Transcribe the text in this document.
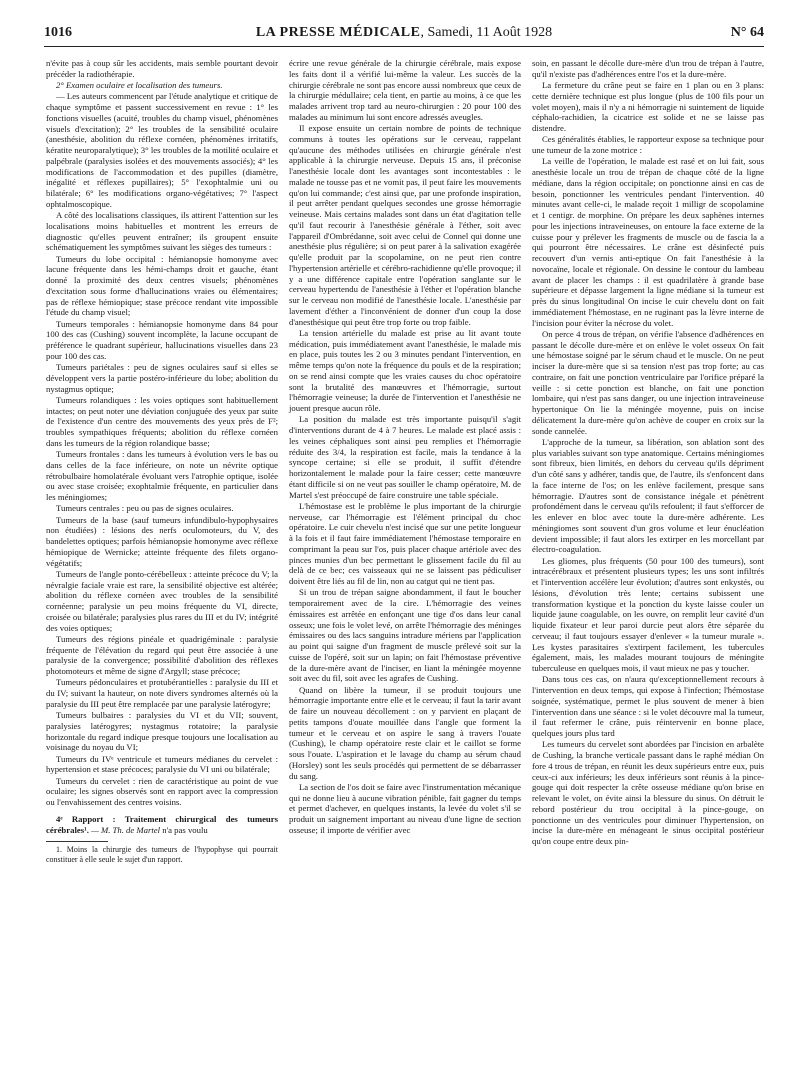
1016	LA PRESSE MÉDICALE, Samedi, 11 Août 1928	N° 64

n'évite pas à coup sûr les accidents, mais semble pourtant devoir précéder la radiothérapie.

2° Examen oculaire et localisation des tumeurs.

— Les auteurs commencent par l'étude analytique et critique de chaque symptôme et passent successivement en revue : 1° les fonctions visuelles (acuité, troubles du champ visuel, phénomènes visuels d'excitation); 2° les troubles de la sensibilité oculaire (anesthésie, abolition du réflexe cornéen, phénomènes irritatifs, kératite neuroparalytique); 3° les troubles de la motilité oculaire et palpébrale (paralysies isolées et des mouvements associés); 4° les modifications de l'accommodation et des pupilles (diamètre, inégalité et réflexes pupillaires); 5° l'exophtalmie uni ou bilatérale; 6° les modifications organo-végétatives; 7° l'aspect ophtalmoscopique.

A côté des localisations classiques, ils attirent l'attention sur les localisations moins habituelles et montrent les erreurs de diagnostic qu'elles peuvent entraîner; ils groupent ensuite schématiquement les symptômes suivant les sièges des tumeurs :

Tumeurs du lobe occipital : hémianopsie homonyme avec lacune fréquente dans les hémi-champs droit et gauche, étant donné la proximité des deux centres visuels; phénomènes d'excitation sous forme d'hallucinations vraies ou élémentaires; pas de réflexe hémiopique; stase précoce rendant vite impossible l'étude du champ visuel;

Tumeurs temporales : hémianopsie homonyme dans 84 pour 100 des cas (Cushing) souvent incomplète, la lacune occupant de préférence le quadrant supérieur, hallucinations visuelles dans 23 pour 100 des cas.

Tumeurs pariétales : peu de signes oculaires sauf si elles se développent vers la partie postéro-inférieure du lobe; abolition du nystagmus optique;

Tumeurs rolandiques : les voies optiques sont habituellement intactes; on peut noter une déviation conjuguée des yeux par suite de l'existence d'un centre des mouvements des yeux près de F²; troubles sympathiques fréquents; abolition du réflexe cornéen dans les tumeurs de la région rolandique basse;

Tumeurs frontales : dans les tumeurs à évolution vers le bas ou dans celles de la face inférieure, on note un névrite optique rétrobulbaire homolatérale évoluant vers l'atrophie optique, isolée ou avec stase croisée; exophtalmie fréquente, en particulier dans les méningiomes;

Tumeurs centrales : peu ou pas de signes oculaires.

Tumeurs de la base (sauf tumeurs infundibulo-hypophysaires non étudiées) : lésions des nerfs oculomoteurs, du V, des bandelettes optiques; parfois hémianopsie homonyme avec réflexe hémiopique de Wernicke; atteinte fréquente des filets organo-végétatifs;

Tumeurs de l'angle ponto-cérébelleux : atteinte précoce du V; la névralgie faciale vraie est rare, la sensibilité objective est altérée; abolition du réflexe cornéen avec troubles de la sensibilité cornéenne; paralysie un peu moins fréquente du VI, directe, croisée ou bilatérale; paralysies plus rares du III et du IV; intégrité des voies optiques;

Tumeurs des régions pinéale et quadrigéminale : paralysie fréquente de l'élévation du regard qui peut être associée à une paralysie de la convergence; possibilité d'abolition des réflexes photomoteurs et même de signe d'Argyll; stase précoce;

Tumeurs pédonculaires et protubérantielles : paralysie du III et du IV; suivant la hauteur, on note divers syndromes alternés où la paralysie du III peut être remplacée par une paralysie latérogyre;

Tumeurs bulbaires : paralysies du VI et du VII; souvent, paralysies latérogyres; nystagmus rotatoire; la paralysie horizontale du regard indique presque toujours une localisation au voisinage du noyau du VI;

Tumeurs du IVᵉ ventricule et tumeurs médianes du cervelet : hypertension et stase précoces; paralysie du VI uni ou bilatérale;

Tumeurs du cervelet : rien de caractéristique au point de vue oculaire; les signes observés sont en rapport avec la compression ou l'envahissement des centres voisins.

4ᵉ Rapport : Traitement chirurgical des tumeurs cérébrales¹. — M. Th. de Martel n'a pas voulu

1. Moins la chirurgie des tumeurs de l'hypophyse qui pourrait constituer à elle seule le sujet d'un rapport.

écrire une revue générale de la chirurgie cérébrale, mais expose les faits dont il a vérifié lui-même la valeur. Les succès de la chirurgie cérébrale ne sont pas encore aussi nombreux que ceux de la chirurgie médullaire; cela tient, en partie au moins, à ce que les malades arrivent trop tard au neuro-chirurgien : 20 pour 100 des malades au minimum lui sont encore adressés aveugles.

Il expose ensuite un certain nombre de points de technique communs à toutes les opérations sur le cerveau, rappelant qu'aucune des méthodes utilisées en chirurgie générale n'est applicable à la chirurgie nerveuse. Depuis 15 ans, il préconise l'anesthésie locale dont les avantages sont incontestables : le malade ne tousse pas et ne vomit pas, il peut faire les mouvements qu'on lui commande; c'est ainsi que, par une profonde inspiration, il peut arrêter pendant quelques secondes une grosse hémorragie veineuse. Mais certains malades sont dans un état d'agitation telle qu'il faut recourir à l'anesthésie générale à l'éther, soit avec l'appareil d'Ombrédanne, soit avec celui de Connel qui donne une anesthésie plus régulière; si on peut parer à la salivation exagérée qu'elle produit par la scopolamine, on ne peut rien contre l'hypertension artérielle et cérébro-rachidienne qu'elle provoque; il y a une différence capitale entre l'opération sanglante sur le cerveau hypertendu de l'anesthésie à l'éther et l'opération blanche sur le cerveau non modifié de l'anesthésie locale. L'anesthésie par lavement d'éther a l'inconvénient de donner d'un coup la dose d'anesthésique qui peut être trop forte ou trop faible.

La tension artérielle du malade est prise au lit avant toute médication, puis immédiatement avant l'anesthésie, le malade mis en place, puis toutes les 2 ou 3 minutes pendant l'intervention, en même temps qu'on note la fréquence du pouls et de la respiration; on se rend ainsi compte que les vraies causes du choc opératoire sont la brutalité des manœuvres et l'hémorragie, surtout l'hémorragie veineuse; la durée de l'intervention et l'anesthésie ne jouent presque aucun rôle.

La position du malade est très importante puisqu'il s'agit d'interventions durant de 4 à 7 heures. Le malade est placé assis : les veines céphaliques sont ainsi peu remplies et l'hémorragie réduite des 3/4, la respiration est facile, mais la tendance à la syncope certaine; si elle se produit, il suffit d'étendre horizontalement le malade pour la faire cesser; cette manœuvre étant difficile si on ne veut pas souiller le champ opératoire, M. de Martel s'est préoccupé de faire construire une table spéciale.

L'hémostase est le problème le plus important de la chirurgie nerveuse, car l'hémorragie est l'élément principal du choc opératoire. Le cuir chevelu n'est incisé que sur une petite longueur à la fois et il faut faire immédiatement l'hémostase temporaire en comprimant la peau sur l'os, puis placer chaque artériole avec des pinces munies d'un bec permettant le glissement facile du fil au delà de ce bec; ces vaisseaux qui ne se laissent pas pédiculiser doivent être liés au fil de lin, non au catgut qui ne tient pas.

Si un trou de trépan saigne abondamment, il faut le boucher temporairement avec de la cire. L'hémorragie des veines émissaires est arrêtée en enfonçant une tige d'os dans leur canal osseux; une fois le volet levé, on arrête l'hémorragie des méninges émissaires ou des lacs sanguins intradure mériens par l'application au point qui saigne d'un fragment de muscle prélevé soit sur la cuisse de l'opéré, soit sur un lapin; on fait l'hémostase préventive de la dure-mère avant de l'inciser, en liant la méningée moyenne soit avec du fil, soit avec les agrafes de Cushing.

Quand on libère la tumeur, il se produit toujours une hémorragie importante entre elle et le cerveau; il faut la tarir avant de faire un nouveau décollement : on y parvient en plaçant de petits tampons d'ouate mouillée dans l'angle que forment la tumeur et le cerveau et on aspire le sang à travers l'ouate (Cushing), le champ opératoire reste clair et le caillot se forme sous l'ouate. L'aspiration et le lavage du champ au sérum chaud (Horsley) sont les seuls procédés qui permettent de se débarrasser du sang.

La section de l'os doit se faire avec l'instrumentation mécanique qui ne donne lieu à aucune vibration pénible, fait gagner du temps et permet d'achever, en quelques instants, la levée du volet s'il se produit un saignement important au niveau d'une ligne de section osseuse; il importe de vérifier avec

soin, en passant le décolle dure-mère d'un trou de trépan à l'autre, qu'il n'existe pas d'adhérences entre l'os et la dure-mère.

La fermeture du crâne peut se faire en 1 plan ou en 3 plans: cette dernière technique est plus longue (plus de 100 fils pour un volet moyen), mais il n'y a ni hémorragie ni suintement de liquide céphalo-rachidien, la cicatrice est solide et ne se laisse pas distendre.

Ces généralités établies, le rapporteur expose sa technique pour une tumeur de la zone motrice :

La veille de l'opération, le malade est rasé et on lui fait, sous anesthésie locale un trou de trépan de chaque côté de la ligne médiane, dans la région occipitale; on ponctionne ainsi en cas de besoin, ponctionner les ventricules pendant l'intervention. 40 minutes avant celle-ci, le malade reçoit 1 milligr de scopolamine et 1 centigr. de morphine. On prépare les deux saphènes internes pour les injections intraveineuses, on entoure la face externe de la cuisse pour y prélever les fragments de muscle ou de fascia la a qui pourront être nécessaires. Le crâne est désinfecté puis recouvert d'un vernis anti-eptique On fait l'anesthésie à la novocaïne, locale et régionale. On dessine le contour du lambeau avant de placer les champs : il est quadrilatère à grande base supérieure et dépasse largement la ligne médiane si la tumeur est près du sinus longitudinal On incise le cuir chevelu dont on fait immédiatement l'hémostase, en ne ruginant pas la lèvre interne de l'incision pour éviter la nécrose du volet.

On perce 4 trous de trépan, on vérifie l'absence d'adhérences en passant le décolle dure-mère et on enlève le volet osseux On fait une hémostase soigné par le sérum chaud et le muscle. On ne peut inciser la dure-mère que si sa tension n'est pas trop forte; au cas contraire, on fait une ponction ventriculaire par l'orifice préparé la veille : si cette ponction est blanche, on fait une ponction lombaire, qui n'est pas sans danger, ou une injection intraveineuse hypertonique On lie la méningée moyenne, puis on incise délicatement la dure-mère qu'on achève de couper en croix sur la sonde cannelée.

L'approche de la tumeur, sa libération, son ablation sont des plus variables suivant son type anatomique. Certains méningiomes sont fibreux, bien limités, en dehors du cerveau qu'ils dépriment d'un côté sans y adhérer, tandis que, de l'autre, ils s'enfoncent dans la face interne de l'os; on les enlève facilement, presque sans hémorragie. D'autres sont de consistance inégale et pénètrent profondément dans le cerveau qu'ils refoulent; il faut s'efforcer de les enlever en bloc avec toute la dure-mère adhérente. Les méningiomes sont souvent d'un gros volume et leur énucléation devient impossible; il faut alors les extirper en les morcellant par électro-coagulation.

Les gliomes, plus fréquents (50 pour 100 des tumeurs), sont intracérébraux et présentent plusieurs types; les uns sont infiltrés et l'intervention accélère leur évolution; d'autres sont enkystés, ou lésions, d'évolution très lente; certains subissent une transformation kystique et la ponction du kyste laisse couler un liquide jaune coagulable, on les ouvre, on remplit leur cavité d'un liquide fixateur et leur paroi durcie peut alors être séparée du cerveau; il faut toujours essayer d'enlever « la tumeur murale ». Les kystes parasitaires s'extirpent facilement, les tubercules également, mais, les malades mourant toujours de méningite tuberculeuse en quelques mois, il vaut mieux ne pas y toucher.

Dans tous ces cas, on n'aura qu'exceptionnellement recours à l'intervention en deux temps, qui expose à l'infection; l'hémostase soignée, systématique, permet le plus souvent de mener à bien l'intervention dans une séance : si le volet découvre mal la tumeur, il faut refermer le crâne, puis réintervenir en bonne place, quelques jours plus tard

Les tumeurs du cervelet sont abordées par l'incision en arbalète de Cushing, la branche verticale passant dans le raphé médian On fore 4 trous de trépan, en réunit les deux supérieurs entre eux, puis ceux-ci aux inférieurs; les deux inférieurs sont réunis à la pince-gouge qui doit respecter la crête osseuse médiane qu'on brise en relevant le volet, on évite ainsi la blessure du sinus. On détruit le rebord postérieur du trou occipital à la pince-gouge, on ponctionne un des ventricules pour diminuer l'hypertension, on incise la dure-mère en ménageant le sinus occipital postérieur qu'on coupe entre deux pin-
